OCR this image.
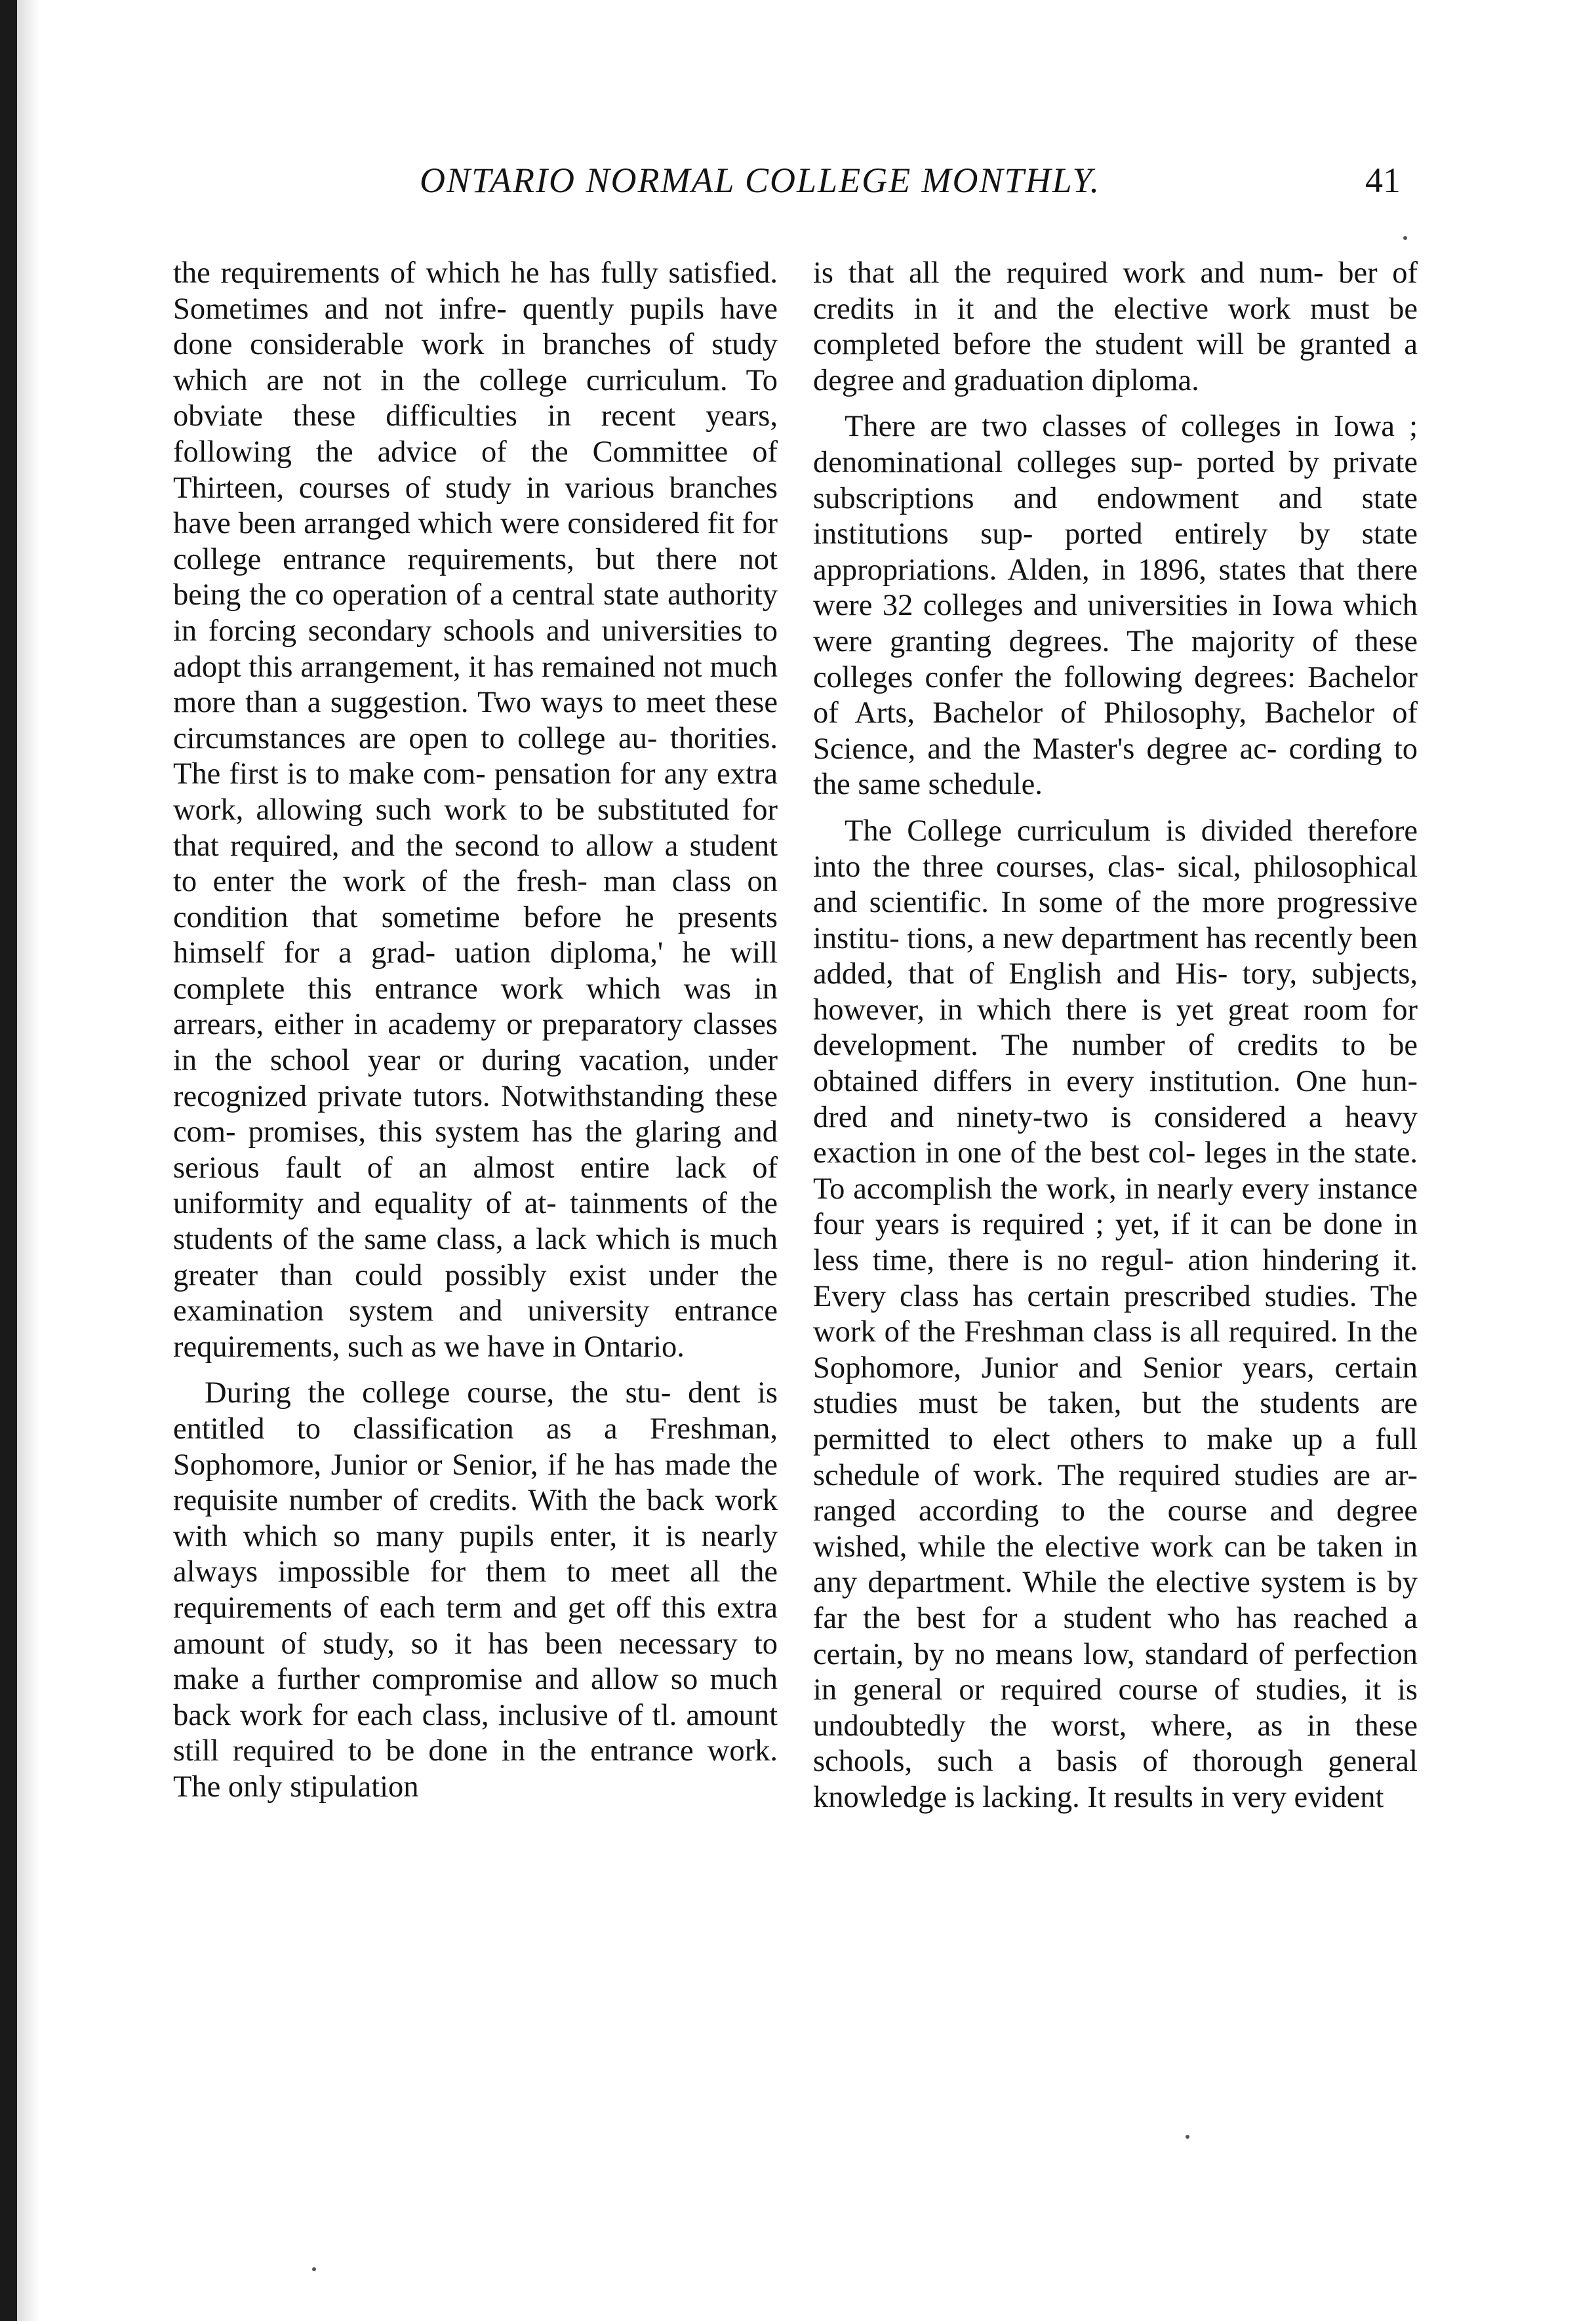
ONTARIO NORMAL COLLEGE MONTHLY.	41

the requirements of which he has fully satisfied. Sometimes and not infre- quently pupils have done considerable work in branches of study which are not in the college curriculum. To obviate these difficulties in recent years, following the advice of the Committee of Thirteen, courses of study in various branches have been arranged which were considered fit for college entrance requirements, but there not being the co operation of a central state authority in forcing secondary schools and universities to adopt this arrangement, it has remained not much more than a suggestion. Two ways to meet these circumstances are open to college au- thorities. The first is to make com- pensation for any extra work, allowing such work to be substituted for that required, and the second to allow a student to enter the work of the fresh- man class on condition that sometime before he presents himself for a grad- uation diploma,' he will complete this entrance work which was in arrears, either in academy or preparatory classes in the school year or during vacation, under recognized private tutors. Notwithstanding these com- promises, this system has the glaring and serious fault of an almost entire lack of uniformity and equality of at- tainments of the students of the same class, a lack which is much greater than could possibly exist under the examination system and university entrance requirements, such as we have in Ontario.

During the college course, the stu- dent is entitled to classification as a Freshman, Sophomore, Junior or Senior, if he has made the requisite number of credits. With the back work with which so many pupils enter, it is nearly always impossible for them to meet all the requirements of each term and get off this extra amount of study, so it has been necessary to make a further compromise and allow so much back work for each class, inclusive of tl. amount still required to be done in the entrance work. The only stipulation

is that all the required work and num- ber of credits in it and the elective work must be completed before the student will be granted a degree and graduation diploma.

There are two classes of colleges in Iowa ; denominational colleges sup- ported by private subscriptions and endowment and state institutions sup- ported entirely by state appropriations. Alden, in 1896, states that there were 32 colleges and universities in Iowa which were granting degrees. The majority of these colleges confer the following degrees: Bachelor of Arts, Bachelor of Philosophy, Bachelor of Science, and the Master's degree ac- cording to the same schedule.

The College curriculum is divided therefore into the three courses, clas- sical, philosophical and scientific. In some of the more progressive institu- tions, a new department has recently been added, that of English and His- tory, subjects, however, in which there is yet great room for development. The number of credits to be obtained differs in every institution. One hun- dred and ninety-two is considered a heavy exaction in one of the best col- leges in the state. To accomplish the work, in nearly every instance four years is required ; yet, if it can be done in less time, there is no regul- ation hindering it. Every class has certain prescribed studies. The work of the Freshman class is all required. In the Sophomore, Junior and Senior years, certain studies must be taken, but the students are permitted to elect others to make up a full schedule of work. The required studies are ar- ranged according to the course and degree wished, while the elective work can be taken in any department. While the elective system is by far the best for a student who has reached a certain, by no means low, standard of perfection in general or required course of studies, it is undoubtedly the worst, where, as in these schools, such a basis of thorough general knowledge is lacking. It results in very evident
